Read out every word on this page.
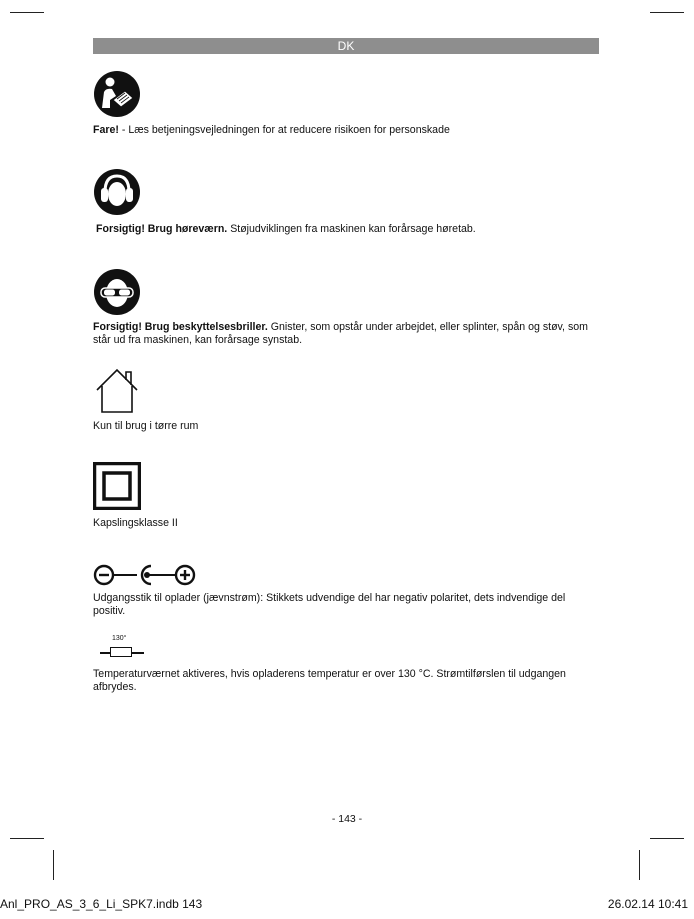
DK
Fare! - Læs betjeningsvejledningen for at reducere risikoen for personskade
Forsigtig! Brug høreværn. Støjudviklingen fra maskinen kan forårsage høretab.
Forsigtig! Brug beskyttelsesbriller. Gnister, som opstår under arbejdet, eller splinter, spån og støv, som står ud fra maskinen, kan forårsage synstab.
Kun til brug i tørre rum
Kapslingsklasse II
Udgangsstik til oplader (jævnstrøm): Stikkets udvendige del har negativ polaritet, dets indvendige del positiv.
130°
Temperaturværnet aktiveres, hvis opladerens temperatur er over 130 °C. Strømtilførslen til udgangen afbrydes.
- 143 -
Anl_PRO_AS_3_6_Li_SPK7.indb 143	26.02.14 10:41
